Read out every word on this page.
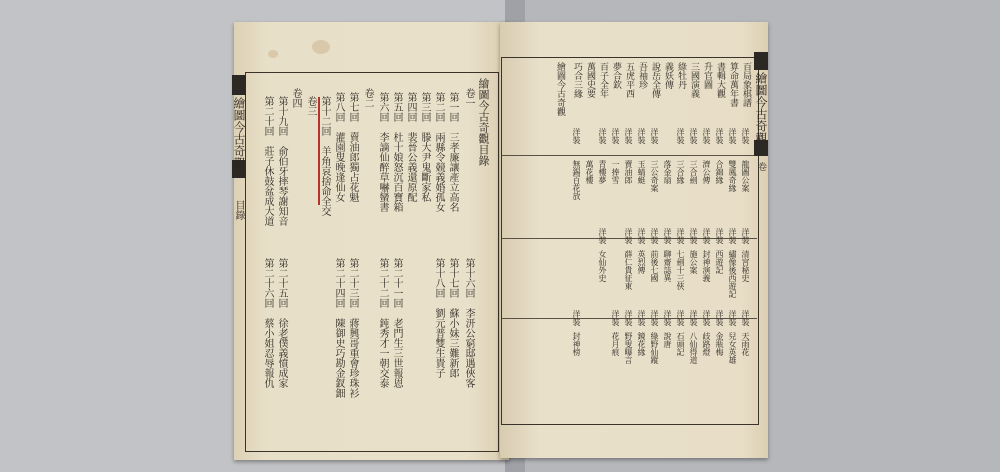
繪圖今古奇觀
目錄
繪圖今古奇觀目錄
卷一
第一回　三孝廉讓產立高名
第二回　兩縣令競義婚孤女
第三回　滕大尹鬼斷家私
第四回　裴晉公義還原配
第五回　杜十娘怒沉百寶箱
第六回　李謫仙醉草嚇蠻書
卷二
第七回　賣油郎獨占花魁
第八回　灌園叟晚逢仙女
第十二回　羊角哀捨命全交
卷三
卷四
第十九回　俞伯牙摔琴謝知音
第二十回　莊子休鼓盆成大道
第十六回　李汧公窮邸遇俠客
第十七回　蘇小妹三難新郎
第十八回　劉元普雙生貴子
第二十一回　老門生三世報恩
第二十二回　鈍秀才一朝交泰
第二十三回　蔣興哥重會珍珠衫
第二十四回　陳御史巧勘金釵鈿
第二十五回　徐老僕義憤成家
第二十六回　蔡小姐忍辱報仇
繪圖今古奇觀
卷
百局象棋譜
算命萬年書
書輯大觀
升官圖
三國演義
綠牡丹
義妖傳
說岳全傳
吾袖珍
五虎平西
夢合欽
百子全年
萬國史要
巧合三緣
繪圖今古奇觀
洋裝
龍圖公案
洋裝
雙鳳奇緣
洋裝
合錦緣
洋裝
濟公傳
洋裝
三合劍
洋裝
三合緣
落金扇
洋裝
三公奇案
洋裝
玉蜻蜓
洋裝
賣油郎
洋裝
一捧雪
洋裝
青樓夢
萬花樓
洋裝
無錫百花放
洋裝
清宮秘史
洋裝
繡像後西遊記
洋裝
西遊記
洋裝
封神演義
洋裝
施公案
洋裝
七劍十三俠
洋裝
聊齋誌異
洋裝
前後七國
洋裝
英烈傳
洋裝
薛仁貴征東
洋裝
女仙外史
洋裝
天雨花
洋裝
兒女英雄
洋裝
金瓶梅
洋裝
歧路燈
洋裝
八仙得道
洋裝
石頭記
洋裝
說唐
洋裝
綠野仙蹤
洋裝
鏡花緣
洋裝
野叟曝言
洋裝
花月痕
洋裝
封神榜
